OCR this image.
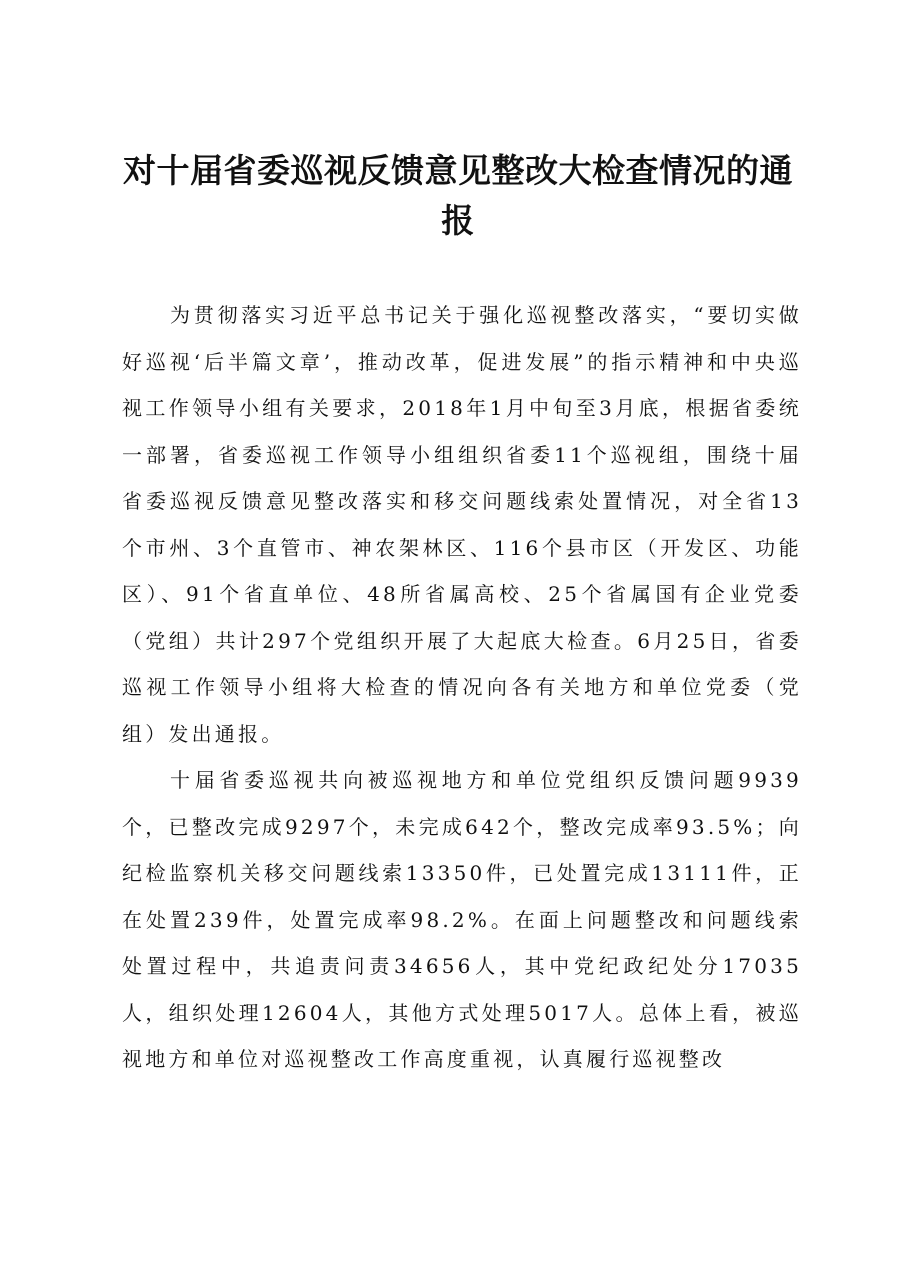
对十届省委巡视反馈意见整改大检查情况的通报

为贯彻落实习近平总书记关于强化巡视整改落实，“要切实做好巡视‘后半篇文章’，推动改革，促进发展”的指示精神和中央巡视工作领导小组有关要求，2018年1月中旬至3月底，根据省委统一部署，省委巡视工作领导小组组织省委11个巡视组，围绕十届省委巡视反馈意见整改落实和移交问题线索处置情况，对全省13个市州、3个直管市、神农架林区、116个县市区（开发区、功能区）、91个省直单位、48所省属高校、25个省属国有企业党委（党组）共计297个党组织开展了大起底大检查。6月25日，省委巡视工作领导小组将大检查的情况向各有关地方和单位党委（党组）发出通报。

十届省委巡视共向被巡视地方和单位党组织反馈问题9939个，已整改完成9297个，未完成642个，整改完成率93.5%；向纪检监察机关移交问题线索13350件，已处置完成13111件，正在处置239件，处置完成率98.2%。在面上问题整改和问题线索处置过程中，共追责问责34656人，其中党纪政纪处分17035人，组织处理12604人，其他方式处理5017人。总体上看，被巡视地方和单位对巡视整改工作高度重视，认真履行巡视整改
